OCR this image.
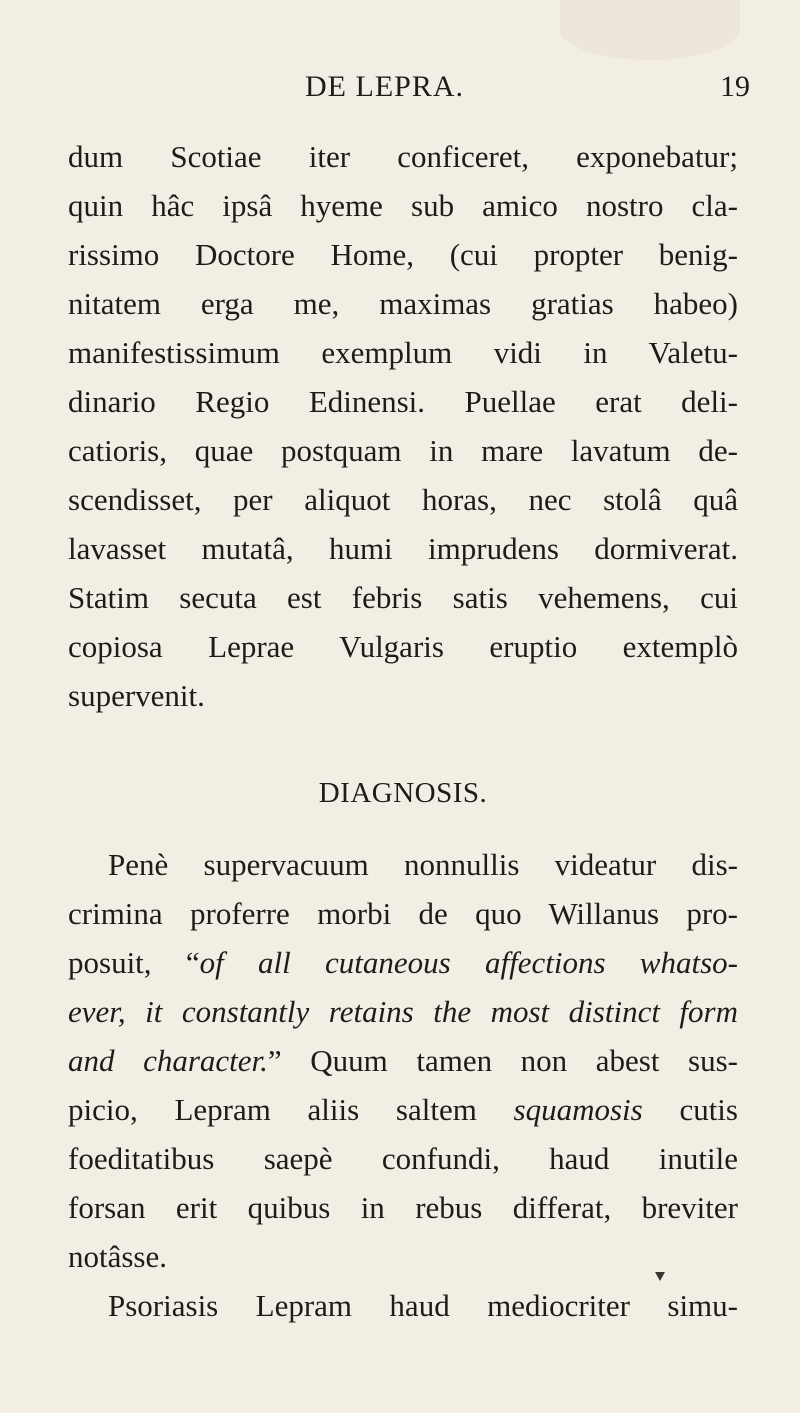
DE LEPRA.	19
dum Scotiae iter conficeret, exponebatur;
quin hâc ipsâ hyeme sub amico nostro cla-
rissimo Doctore Home, (cui propter benig-
nitatem erga me, maximas gratias habeo)
manifestissimum exemplum vidi in Valetu-
dinario Regio Edinensi. Puellae erat deli-
catioris, quae postquam in mare lavatum de-
scendisset, per aliquot horas, nec stolâ quâ
lavasset mutatâ, humi imprudens dormiverat.
Statim secuta est febris satis vehemens, cui
copiosa Leprae Vulgaris eruptio extemplò
supervenit.
DIAGNOSIS.
Penè supervacuum nonnullis videatur dis-
crimina proferre morbi de quo Willanus pro-
posuit, “of all cutaneous affections whatso-
ever, it constantly retains the most distinct form
and character.” Quum tamen non abest sus-
picio, Lepram aliis saltem squamosis cutis
foeditatibus saepè confundi, haud inutile
forsan erit quibus in rebus differat, breviter
notâsse.
Psoriasis Lepram haud mediocriter simu-
